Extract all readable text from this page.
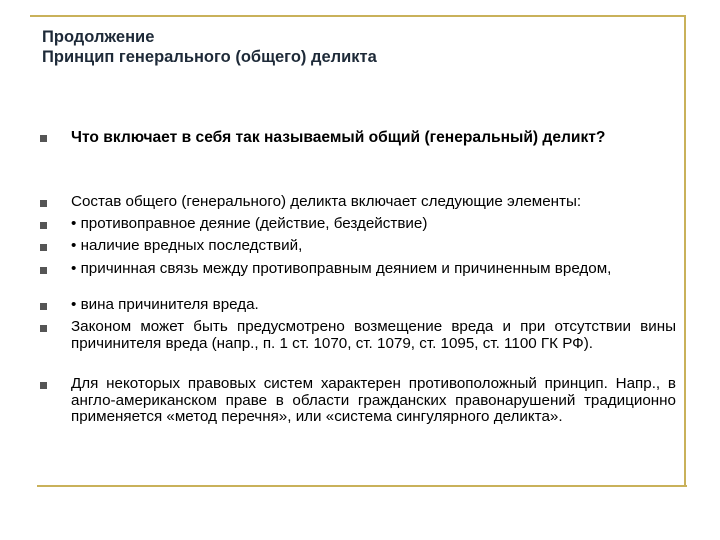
Продолжение
Принцип генерального (общего) деликта
Что включает в себя так называемый общий (генеральный) деликт?
Состав общего (генерального) деликта включает следующие элементы:
• противоправное деяние (действие, бездействие)
• наличие вредных последствий,
• причинная связь между противоправным деянием и причиненным вредом,
• вина причинителя вреда.
Законом может быть предусмотрено возмещение вреда и при отсутствии вины причинителя вреда (напр., п. 1 ст. 1070, ст. 1079, ст. 1095, ст. 1100 ГК РФ).
Для некоторых правовых систем характерен противоположный принцип. Напр., в англо-американском праве в области гражданских правонарушений традиционно применяется «метод перечня», или «система сингулярного деликта».
